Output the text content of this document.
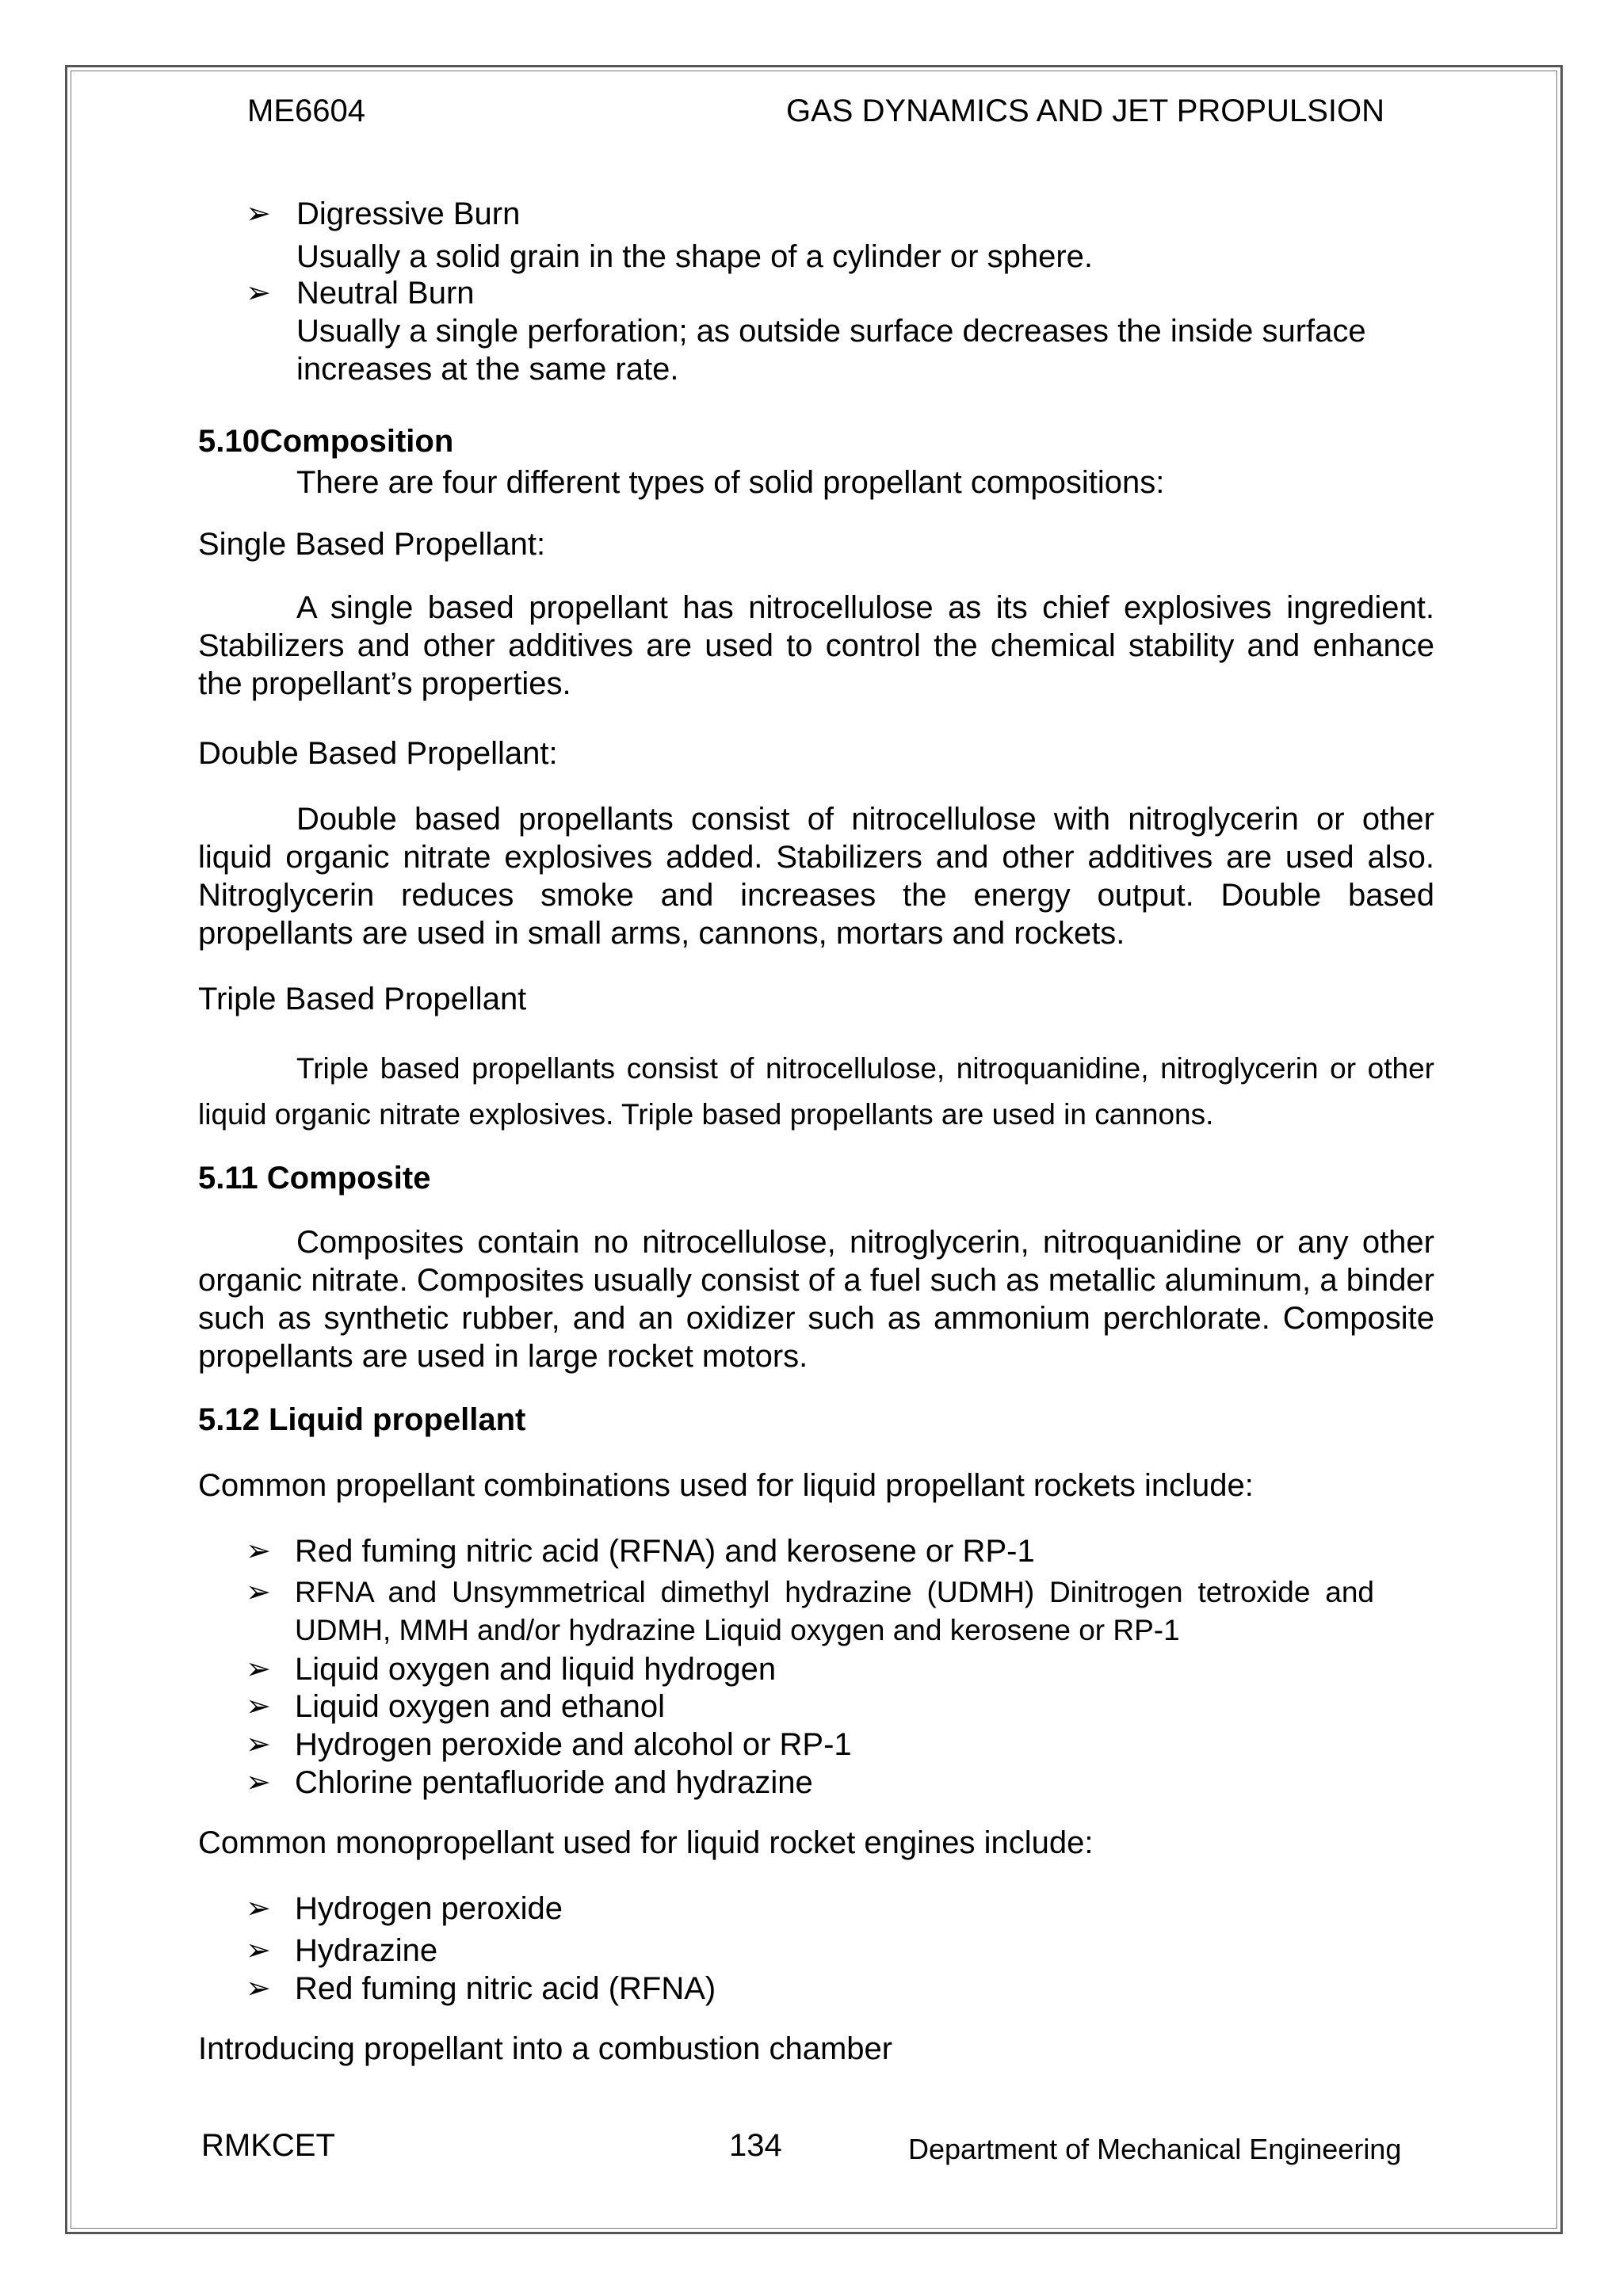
ME6604	GAS DYNAMICS AND JET PROPULSION
➢ Digressive Burn
Usually a solid grain in the shape of a cylinder or sphere.
➢ Neutral Burn
Usually a single perforation; as outside surface decreases the inside surface
increases at the same rate.
5.10Composition
There are four different types of solid propellant compositions:
Single Based Propellant:
A single based propellant has nitrocellulose as its chief explosives ingredient. Stabilizers and other additives are used to control the chemical stability and enhance the propellant’s properties.
Double Based Propellant:
Double based propellants consist of nitrocellulose with nitroglycerin or other liquid organic nitrate explosives added. Stabilizers and other additives are used also. Nitroglycerin reduces smoke and increases the energy output. Double based propellants are used in small arms, cannons, mortars and rockets.
Triple Based Propellant
Triple based propellants consist of nitrocellulose, nitroquanidine, nitroglycerin or other liquid organic nitrate explosives. Triple based propellants are used in cannons.
5.11 Composite
Composites contain no nitrocellulose, nitroglycerin, nitroquanidine or any other organic nitrate. Composites usually consist of a fuel such as metallic aluminum, a binder such as synthetic rubber, and an oxidizer such as ammonium perchlorate. Composite propellants are used in large rocket motors.
5.12 Liquid propellant
Common propellant combinations used for liquid propellant rockets include:
➢ Red fuming nitric acid (RFNA) and kerosene or RP-1
➢ RFNA and Unsymmetrical dimethyl hydrazine (UDMH) Dinitrogen tetroxide and UDMH, MMH and/or hydrazine Liquid oxygen and kerosene or RP-1
➢ Liquid oxygen and liquid hydrogen
➢ Liquid oxygen and ethanol
➢ Hydrogen peroxide and alcohol or RP-1
➢ Chlorine pentafluoride and hydrazine
Common monopropellant used for liquid rocket engines include:
➢ Hydrogen peroxide
➢ Hydrazine
➢ Red fuming nitric acid (RFNA)
Introducing propellant into a combustion chamber
RMKCET	134	Department of Mechanical Engineering
